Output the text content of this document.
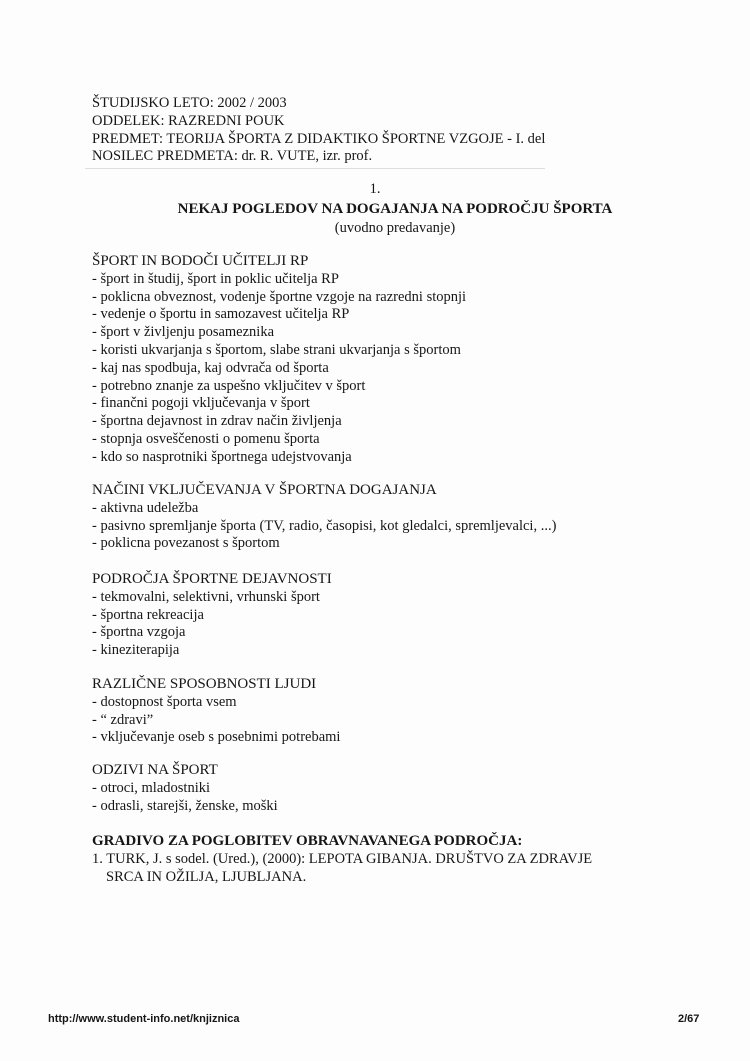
ŠTUDIJSKO LETO: 2002 / 2003
ODDELEK: RAZREDNI POUK
PREDMET: TEORIJA ŠPORTA Z DIDAKTIKO ŠPORTNE VZGOJE - I. del
NOSILEC PREDMETA: dr. R. VUTE, izr. prof.
1.
NEKAJ POGLEDOV NA DOGAJANJA NA PODROČJU ŠPORTA
(uvodno predavanje)
ŠPORT IN BODOČI UČITELJI RP
- šport in študij, šport in poklic učitelja RP
- poklicna obveznost, vodenje športne vzgoje na razredni stopnji
- vedenje o športu in samozavest učitelja RP
- šport v življenju posameznika
- koristi ukvarjanja s športom, slabe strani ukvarjanja s športom
- kaj nas spodbuja, kaj odvrača od športa
- potrebno znanje za uspešno vključitev v šport
- finančni pogoji vključevanja v šport
- športna dejavnost in zdrav način življenja
- stopnja osveščenosti o pomenu športa
- kdo so nasprotniki športnega udejstvovanja
NAČINI VKLJUČEVANJA V ŠPORTNA DOGAJANJA
- aktivna udeležba
- pasivno spremljanje športa (TV, radio, časopisi, kot gledalci, spremljevalci, ...)
- poklicna povezanost s športom
PODROČJA ŠPORTNE DEJAVNOSTI
- tekmovalni, selektivni, vrhunski šport
- športna rekreacija
- športna vzgoja
- kineziterapija
RAZLIČNE SPOSOBNOSTI LJUDI
- dostopnost športa vsem
- “ zdravi”
- vključevanje oseb s posebnimi potrebami
ODZIVI NA ŠPORT
- otroci, mladostniki
- odrasli, starejši, ženske, moški
GRADIVO ZA POGLOBITEV OBRAVNAVANEGA PODROČJA:
1. TURK, J. s sodel. (Ured.), (2000): LEPOTA GIBANJA. DRUŠTVO ZA ZDRAVJE
SRCA IN OŽILJA, LJUBLJANA.
http://www.student-info.net/knjiznica	2/67
